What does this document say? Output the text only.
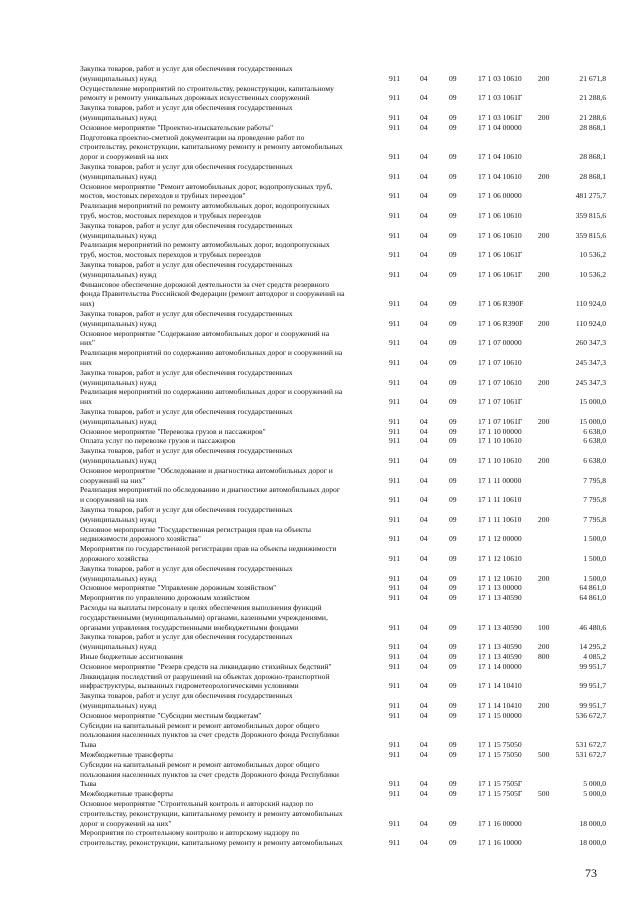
Закупка товаров, работ и услуг для обеспечения государственных
(муниципальных) нужд	911	04	09	17 1 03 10610 200	21 671,8
Осуществление мероприятий по строительству, реконструкции, капитальному
ремонту и ремонту уникальных дорожных искусственных сооружений	911	04	09	17 1 03 1061Г	21 288,6
Закупка товаров, работ и услуг для обеспечения государственных
(муниципальных) нужд	911	04	09	17 1 03 1061Г 200	21 288,6
Основное мероприятие "Проектно-изыскательские работы"	911	04	09	17 1 04 00000	28 868,1
Подготовка проектно-сметной документации на проведение работ по
строительству, реконструкции, капитальному ремонту и ремонту автомобильных
дорог и сооружений на них	911	04	09	17 1 04 10610	28 868,1
Закупка товаров, работ и услуг для обеспечения государственных
(муниципальных) нужд	911	04	09	17 1 04 10610 200	28 868,1
Основное мероприятие "Ремонт автомобильных дорог, водопропускных труб,
мостов, мостовых переходов и трубных переездов"	911	04	09	17 1 06 00000	481 275,7
Реализация мероприятий по ремонту автомобильных дорог, водопропускных
труб, мостов, мостовых переходов и трубных переездов	911	04	09	17 1 06 10610	359 815,6
Закупка товаров, работ и услуг для обеспечения государственных
(муниципальных) нужд	911	04	09	17 1 06 10610 200	359 815,6
Реализация мероприятий по ремонту автомобильных дорог, водопропускных
труб, мостов, мостовых переходов и трубных переездов	911	04	09	17 1 06 1061Г	10 536,2
Закупка товаров, работ и услуг для обеспечения государственных
(муниципальных) нужд	911	04	09	17 1 06 1061Г 200	10 536,2
Финансовое обеспечение дорожной деятельности за счет средств резервного
фонда Правительства Российской Федерации (ремонт автодорог и сооружений на
них)	911	04	09	17 1 06 R390F	110 924,0
Закупка товаров, работ и услуг для обеспечения государственных
(муниципальных) нужд	911	04	09	17 1 06 R390F 200	110 924,0
Основное мероприятие "Содержание автомобильных дорог и сооружений на
них"	911	04	09	17 1 07 00000	260 347,3
Реализация мероприятий по содержанию автомобильных дорог и сооружений на
них	911	04	09	17 1 07 10610	245 347,3
Закупка товаров, работ и услуг для обеспечения государственных
(муниципальных) нужд	911	04	09	17 1 07 10610 200	245 347,3
Реализация мероприятий по содержанию автомобильных дорог и сооружений на
них	911	04	09	17 1 07 1061Г	15 000,0
Закупка товаров, работ и услуг для обеспечения государственных
(муниципальных) нужд	911	04	09	17 1 07 1061Г 200	15 000,0
Основное мероприятие "Перевозка грузов и пассажиров"	911	04	09	17 1 10 00000	6 638,0
Оплата услуг по перевозке грузов и пассажиров	911	04	09	17 1 10 10610	6 638,0
Закупка товаров, работ и услуг для обеспечения государственных
(муниципальных) нужд	911	04	09	17 1 10 10610 200	6 638,0
Основное мероприятие "Обследование и диагностика автомобильных дорог и
сооружений на них"	911	04	09	17 1 11 00000	7 795,8
Реализация мероприятий по обследованию и диагностике автомобильных дорог
и сооружений на них	911	04	09	17 1 11 10610	7 795,8
Закупка товаров, работ и услуг для обеспечения государственных
(муниципальных) нужд	911	04	09	17 1 11 10610 200	7 795,8
Основное мероприятие "Государственная регистрация прав на объекты
недвижимости дорожного хозяйства"	911	04	09	17 1 12 00000	1 500,0
Мероприятия по государственной регистрации прав на объекты недвижимости
дорожного хозяйства	911	04	09	17 1 12 10610	1 500,0
Закупка товаров, работ и услуг для обеспечения государственных
(муниципальных) нужд	911	04	09	17 1 12 10610 200	1 500,0
Основное мероприятие "Управление дорожным хозяйством"	911	04	09	17 1 13 00000	64 861,0
Мероприятия по управлению дорожным хозяйством	911	04	09	17 1 13 40590	64 861,0
Расходы на выплаты персоналу в целях обеспечения выполнения функций
государственными (муниципальными) органами, казенными учреждениями,
органами управления государственными внебюджетными фондами	911	04	09	17 1 13 40590 100	46 480,6
Закупка товаров, работ и услуг для обеспечения государственных
(муниципальных) нужд	911	04	09	17 1 13 40590 200	14 295,2
Иные бюджетные ассигнования	911	04	09	17 1 13 40590 800	4 085,2
Основное мероприятие "Резерв средств на ликвидацию стихийных бедствий"	911	04	09	17 1 14 00000	99 951,7
Ликвидация последствий от разрушений на объектах дорожно-транспортной
инфраструктуры, вызванных гидрометеорологическими условиями	911	04	09	17 1 14 10410	99 951,7
Закупка товаров, работ и услуг для обеспечения государственных
(муниципальных) нужд	911	04	09	17 1 14 10410 200	99 951,7
Основное мероприятие "Субсидии местным бюджетам"	911	04	09	17 1 15 00000	536 672,7
Субсидии на капитальный ремонт и ремонт автомобильных дорог общего
пользования населенных пунктов за счет средств Дорожного фонда Республики
Тыва	911	04	09	17 1 15 75050	531 672,7
Межбюджетные трансферты	911	04	09	17 1 15 75050 500	531 672,7
Субсидии на капитальный ремонт и ремонт автомобильных дорог общего
пользования населенных пунктов за счет средств Дорожного фонда Республики
Тыва	911	04	09	17 1 15 7505Г	5 000,0
Межбюджетные трансферты	911	04	09	17 1 15 7505Г 500	5 000,0
Основное мероприятие "Строительный контроль и авторский надзор по
строительству, реконструкции, капитальному ремонту и ремонту автомобильных
дорог и сооружений на них"	911	04	09	17 1 16 00000	18 000,0
Мероприятия по строительному контролю и авторскому надзору по
строительству, реконструкции, капитальному ремонту и ремонту автомобильных	911	04	09	17 1 16 10000	18 000,0
73
